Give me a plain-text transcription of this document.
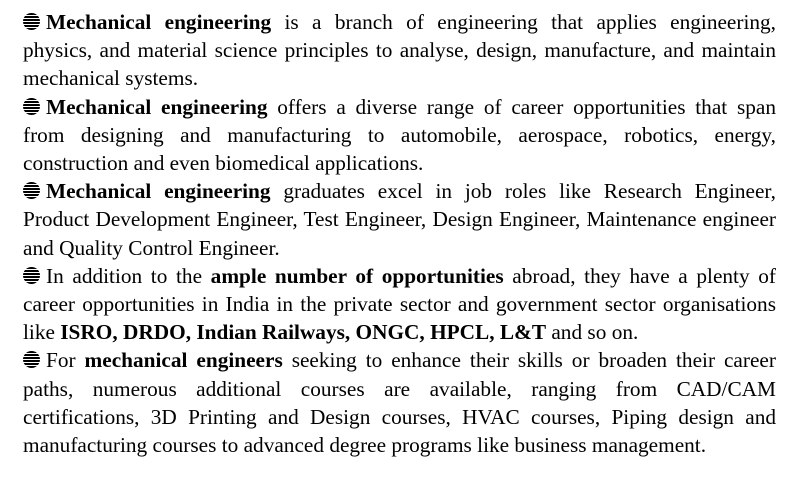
Mechanical engineering is a branch of engineering that applies engineering, physics, and material science principles to analyse, design, manufacture, and maintain mechanical systems.

Mechanical engineering offers a diverse range of career opportunities that span from designing and manufacturing to automobile, aerospace, robotics, energy, construction and even biomedical applications.

Mechanical engineering graduates excel in job roles like Research Engineer, Product Development Engineer, Test Engineer, Design Engineer, Maintenance engineer and Quality Control Engineer.

In addition to the ample number of opportunities abroad, they have a plenty of career opportunities in India in the private sector and government sector organisations like ISRO, DRDO, Indian Railways, ONGC, HPCL, L&T and so on.

For mechanical engineers seeking to enhance their skills or broaden their career paths, numerous additional courses are available, ranging from CAD/CAM certifications, 3D Printing and Design courses, HVAC courses, Piping design and manufacturing courses to advanced degree programs like business management.
